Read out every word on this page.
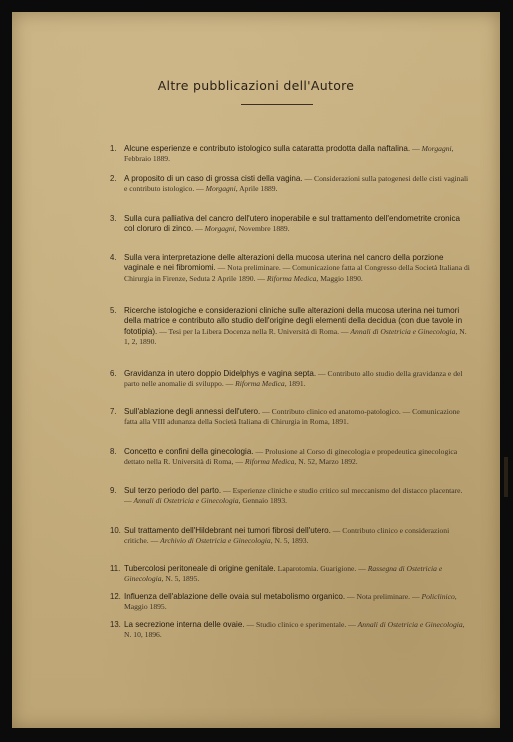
Altre pubblicazioni dell'Autore
1. Alcune esperienze e contributo istologico sulla cataratta prodotta dalla naftalina. — Morgagni, Febbraio 1889.
2. A proposito di un caso di grossa cisti della vagina. — Considerazioni sulla patogenesi delle cisti vaginali e contributo istologico. — Morgagni, Aprile 1889.
3. Sulla cura palliativa del cancro dell'utero inoperabile e sul trattamento dell'endometrite cronica col cloruro di zinco. — Morgagni, Novembre 1889.
4. Sulla vera interpretazione delle alterazioni della mucosa uterina nel cancro della porzione vaginale e nei fibromiomi. — Nota preliminare. — Comunicazione fatta al Congresso della Società Italiana di Chirurgia in Firenze, Seduta 2 Aprile 1890. — Riforma Medica, Maggio 1890.
5. Ricerche istologiche e considerazioni cliniche sulle alterazioni della mucosa uterina nei tumori della matrice e contributo allo studio dell'origine degli elementi della decidua (con due tavole in fototipia). — Tesi per la Libera Docenza nella R. Università di Roma. — Annali di Ostetricia e Ginecologia, N. 1, 2, 1890.
6. Gravidanza in utero doppio Didelphys e vagina septa. — Contributo allo studio della gravidanza e del parto nelle anomalie di sviluppo. — Riforma Medica, 1891.
7. Sull'ablazione degli annessi dell'utero. — Contributo clinico ed anatomo-patologico. — Comunicazione fatta alla VIII adunanza della Società Italiana di Chirurgia in Roma, 1891.
8. Concetto e confini della ginecologia. — Prolusione al Corso di ginecologia e propedeutica ginecologica dettato nella R. Università di Roma, — Riforma Medica, N. 52, Marzo 1892.
9. Sul terzo periodo del parto. — Esperienze cliniche e studio critico sul meccanismo del distacco placentare. — Annali di Ostetricia e Ginecologia, Gennaio 1893.
10. Sul trattamento dell'Hildebrant nei tumori fibrosi dell'utero. — Contributo clinico e considerazioni critiche. — Archivio di Ostetricia e Ginecologia, N. 5, 1893.
11. Tubercolosi peritoneale di origine genitale. Laparotomia. Guarigione. — Rassegna di Ostetricia e Ginecologia, N. 5, 1895.
12. Influenza dell'ablazione delle ovaia sul metabolismo organico. — Nota preliminare. — Policlinico, Maggio 1895.
13. La secrezione interna delle ovaie. — Studio clinico e sperimentale. — Annali di Ostetricia e Ginecologia, N. 10, 1896.
